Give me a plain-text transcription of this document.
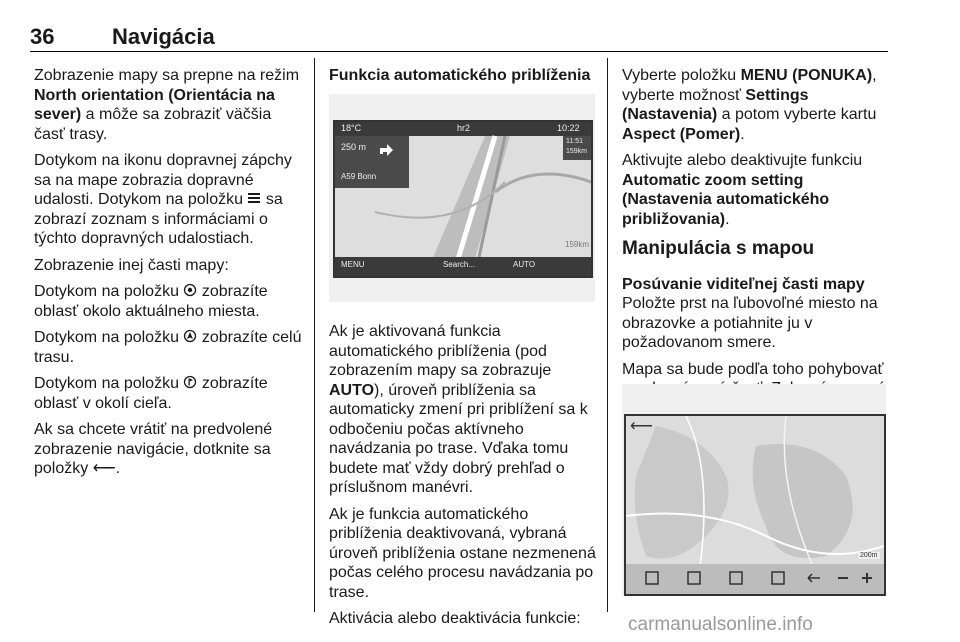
36	Navigácia
Zobrazenie mapy sa prepne na režim North orientation (Orientácia na sever) a môže sa zobraziť väčšia časť trasy.
Dotykom na ikonu dopravnej zápchy sa na mape zobrazia dopravné udalosti. Dotykom na položku  sa zobrazí zoznam s informáciami o týchto dopravných udalostiach.
Zobrazenie inej časti mapy:
Dotykom na položku  zobrazíte oblasť okolo aktuálneho miesta.
Dotykom na položku  zobrazíte celú trasu.
Dotykom na položku  zobrazíte oblasť v okolí cieľa.
Ak sa chcete vrátiť na predvolené zobrazenie navigácie, dotknite sa položky ⟵.
Funkcia automatického priblíženia
18°C	hr2	10:22
11:51
159km
250 m
A59 Bonn
159km
MENU	Search...	AUTO
Ak je aktivovaná funkcia automatického priblíženia (pod zobrazením mapy sa zobrazuje AUTO), úroveň priblíženia sa automaticky zmení pri priblížení sa k odbočeniu počas aktívneho navádzania po trase. Vďaka tomu budete mať vždy dobrý prehľad o príslušnom manévri.
Ak je funkcia automatického priblíženia deaktivovaná, vybraná úroveň priblíženia ostane nezmenená počas celého procesu navádzania po trase.
Aktivácia alebo deaktivácia funkcie:
Vyberte položku MENU (PONUKA), vyberte možnosť Settings (Nastavenia) a potom vyberte kartu Aspect (Pomer).
Aktivujte alebo deaktivujte funkciu Automatic zoom setting (Nastavenia automatického približovania).
Manipulácia s mapou
Posúvanie viditeľnej časti mapy
Položte prst na ľubovoľné miesto na obrazovke a potiahnite ju v požadovanom smere.
Mapa sa bude podľa toho pohybovať
⟵
200m
carmanualsonline.info
